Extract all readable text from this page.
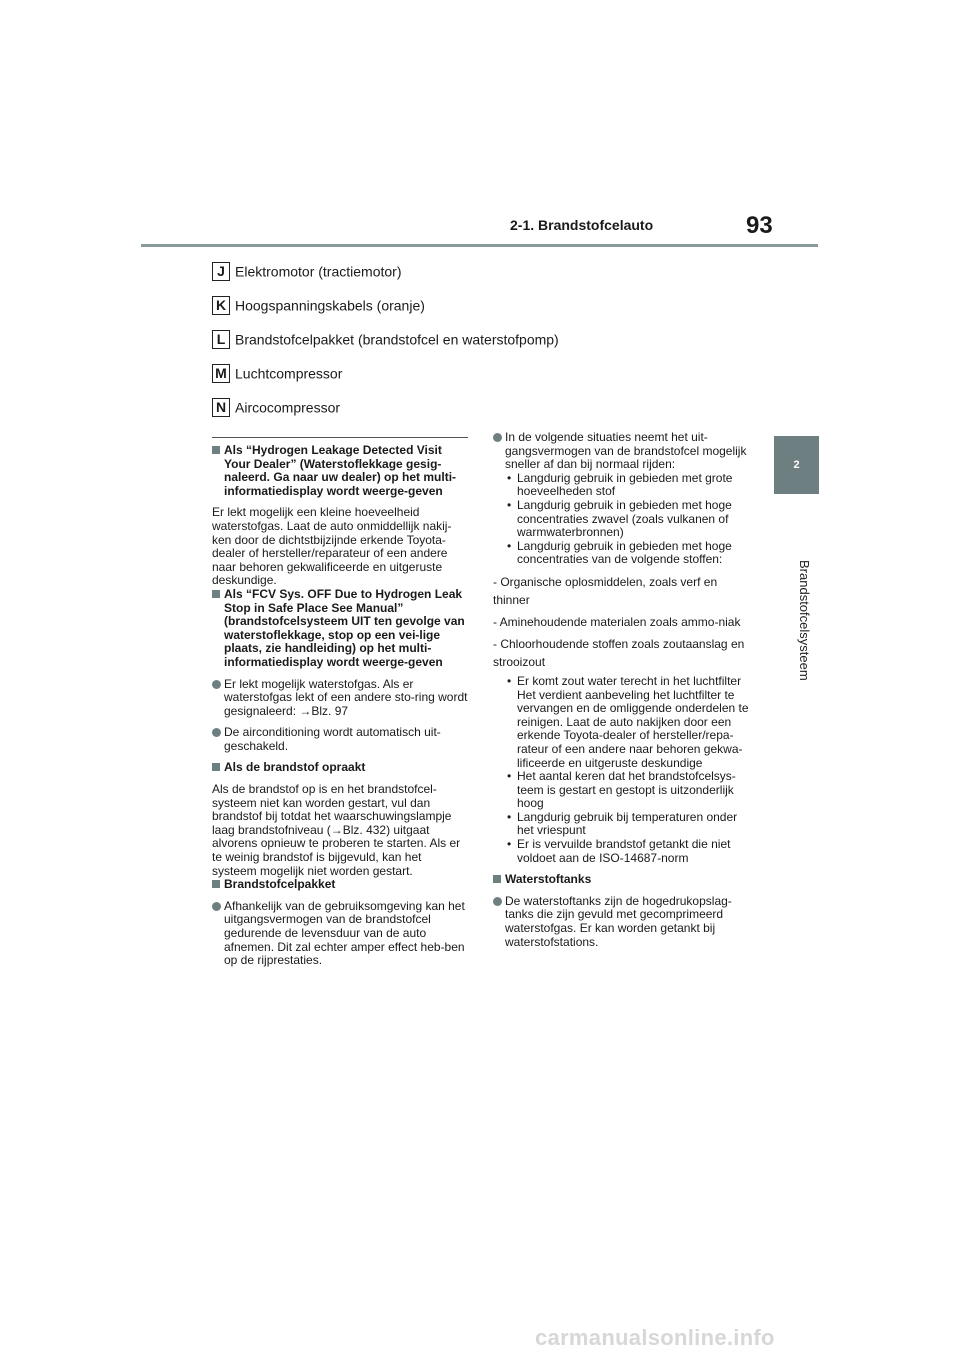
2-1. Brandstofcelauto	93
2
Brandstofcelsysteem
J Elektromotor (tractiemotor)
K Hoogspanningskabels (oranje)
L Brandstofcelpakket (brandstofcel en waterstofpomp)
M Luchtcompressor
N Aircocompressor
Als “Hydrogen Leakage Detected Visit Your Dealer” (Waterstoflekkage gesig-naleerd. Ga naar uw dealer) op het multi-informatiedisplay wordt weerge-geven

Er lekt mogelijk een kleine hoeveelheid waterstofgas. Laat de auto onmiddellijk nakij-ken door de dichtstbijzijnde erkende Toyota-dealer of hersteller/reparateur of een andere naar behoren gekwalificeerde en uitgeruste deskundige.

Als “FCV Sys. OFF Due to Hydrogen Leak Stop in Safe Place See Manual” (brandstofcelsysteem UIT ten gevolge van waterstoflekkage, stop op een vei-lige plaats, zie handleiding) op het multi-informatiedisplay wordt weerge-geven
Er lekt mogelijk waterstofgas. Als er waterstofgas lekt of een andere sto-ring wordt gesignaleerd: →Blz. 97
De airconditioning wordt automatisch uit-geschakeld.
Als de brandstof opraakt

Als de brandstof op is en het brandstofcel-systeem niet kan worden gestart, vul dan brandstof bij totdat het waarschuwingslampje laag brandstofniveau (→Blz. 432) uitgaat alvorens opnieuw te proberen te starten. Als er te weinig brandstof is bijgevuld, kan het systeem mogelijk niet worden gestart.

Brandstofcelpakket
Afhankelijk van de gebruiksomgeving kan het uitgangsvermogen van de brandstofcel gedurende de levensduur van de auto afnemen. Dit zal echter amper effect heb-ben op de rijprestaties.
In de volgende situaties neemt het uit-gangsvermogen van de brandstofcel mogelijk sneller af dan bij normaal rijden:
• Langdurig gebruik in gebieden met grote hoeveelheden stof
• Langdurig gebruik in gebieden met hoge concentraties zwavel (zoals vulkanen of warmwaterbronnen)
• Langdurig gebruik in gebieden met hoge concentraties van de volgende stoffen:
- Organische oplosmiddelen, zoals verf en thinner
- Aminehoudende materialen zoals ammo-niak
- Chloorhoudende stoffen zoals zoutaanslag en strooizout
• Er komt zout water terecht in het luchtfilter Het verdient aanbeveling het luchtfilter te vervangen en de omliggende onderdelen te reinigen. Laat de auto nakijken door een erkende Toyota-dealer of hersteller/repa-rateur of een andere naar behoren gekwa-lificeerde en uitgeruste deskundige
• Het aantal keren dat het brandstofcelsys-teem is gestart en gestopt is uitzonderlijk hoog
• Langdurig gebruik bij temperaturen onder het vriespunt
• Er is vervuilde brandstof getankt die niet voldoet aan de ISO-14687-norm
Waterstoftanks
De waterstoftanks zijn de hogedrukopslag-tanks die zijn gevuld met gecomprimeerd waterstofgas. Er kan worden getankt bij waterstofstations.
carmanualsonline.info
